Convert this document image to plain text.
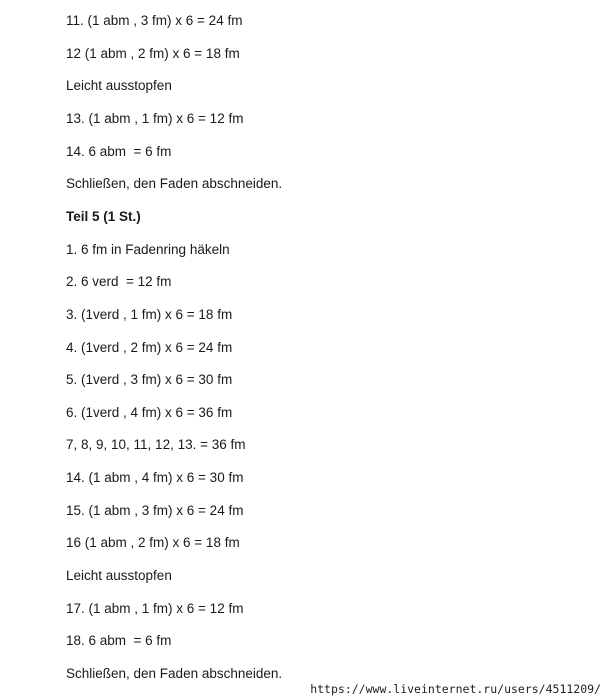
11. (1 abm , 3 fm) x 6 = 24 fm
12 (1 abm , 2 fm) x 6 = 18 fm
Leicht ausstopfen
13. (1 abm , 1 fm) x 6 = 12 fm
14. 6 abm  = 6 fm
Schließen, den Faden abschneiden.
Teil 5 (1 St.)
1. 6 fm in Fadenring häkeln
2. 6 verd  = 12 fm
3. (1verd , 1 fm) x 6 = 18 fm
4. (1verd , 2 fm) x 6 = 24 fm
5. (1verd , 3 fm) x 6 = 30 fm
6. (1verd , 4 fm) x 6 = 36 fm
7, 8, 9, 10, 11, 12, 13. = 36 fm
14. (1 abm , 4 fm) x 6 = 30 fm
15. (1 abm , 3 fm) x 6 = 24 fm
16 (1 abm , 2 fm) x 6 = 18 fm
Leicht ausstopfen
17. (1 abm , 1 fm) x 6 = 12 fm
18. 6 abm  = 6 fm
Schließen, den Faden abschneiden.
https://www.liveinternet.ru/users/4511209/
